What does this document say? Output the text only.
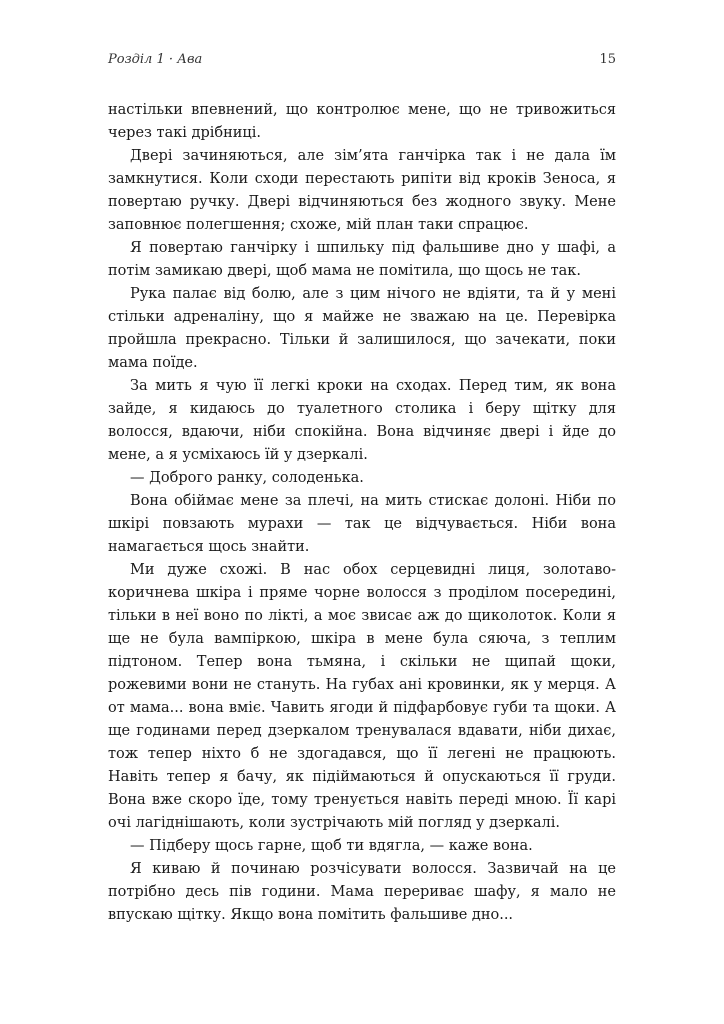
Розділ 1 · Ава	15

настільки впевнений, що контролює мене, що не тривожиться через такі дрібниці.

Двері зачиняються, але зім’ята ганчірка так і не дала їм замкнутися. Коли сходи перестають рипіти від кроків Зеноса, я повертаю ручку. Двері відчиняються без жодного звуку. Мене заповнює полегшення; схоже, мій план таки спрацює.

Я повертаю ганчірку і шпильку під фальшиве дно у шафі, а потім замикаю двері, щоб мама не помітила, що щось не так.

Рука палає від болю, але з цим нічого не вдіяти, та й у мені стільки адреналіну, що я майже не зважаю на це. Перевірка пройшла прекрасно. Тільки й залишилося, що зачекати, поки мама поїде.

За мить я чую її легкі кроки на сходах. Перед тим, як вона зайде, я кидаюсь до туалетного столика і беру щітку для волосся, вдаючи, ніби спокійна. Вона відчиняє двері і йде до мене, а я усміхаюсь їй у дзеркалі.

— Доброго ранку, солоденька.

Вона обіймає мене за плечі, на мить стискає долоні. Ніби по шкірі повзають мурахи — так це відчувається. Ніби вона намагається щось знайти.

Ми дуже схожі. В нас обох серцевидні лиця, золотаво-коричнева шкіра і пряме чорне волосся з проділом посередині, тільки в неї воно по лікті, а моє звисає аж до щиколоток. Коли я ще не була вампіркою, шкіра в мене була сяюча, з теплим підтоном. Тепер вона тьмяна, і скільки не щипай щоки, рожевими вони не стануть. На губах ані кровинки, як у мерця. А от мама... вона вміє. Чавить ягоди й підфарбовує губи та щоки. А ще годинами перед дзеркалом тренувалася вдавати, ніби дихає, тож тепер ніхто б не здогадався, що її легені не працюють. Навіть тепер я бачу, як підіймаються й опускаються її груди. Вона вже скоро їде, тому тренується навіть переді мною. Її карі очі лагіднішають, коли зустрічають мій погляд у дзеркалі.

— Підберу щось гарне, щоб ти вдягла, — каже вона.

Я киваю й починаю розчісувати волосся. Зазвичай на це потрібно десь пів години. Мама перериває шафу, я мало не впускаю щітку. Якщо вона помітить фальшиве дно...
